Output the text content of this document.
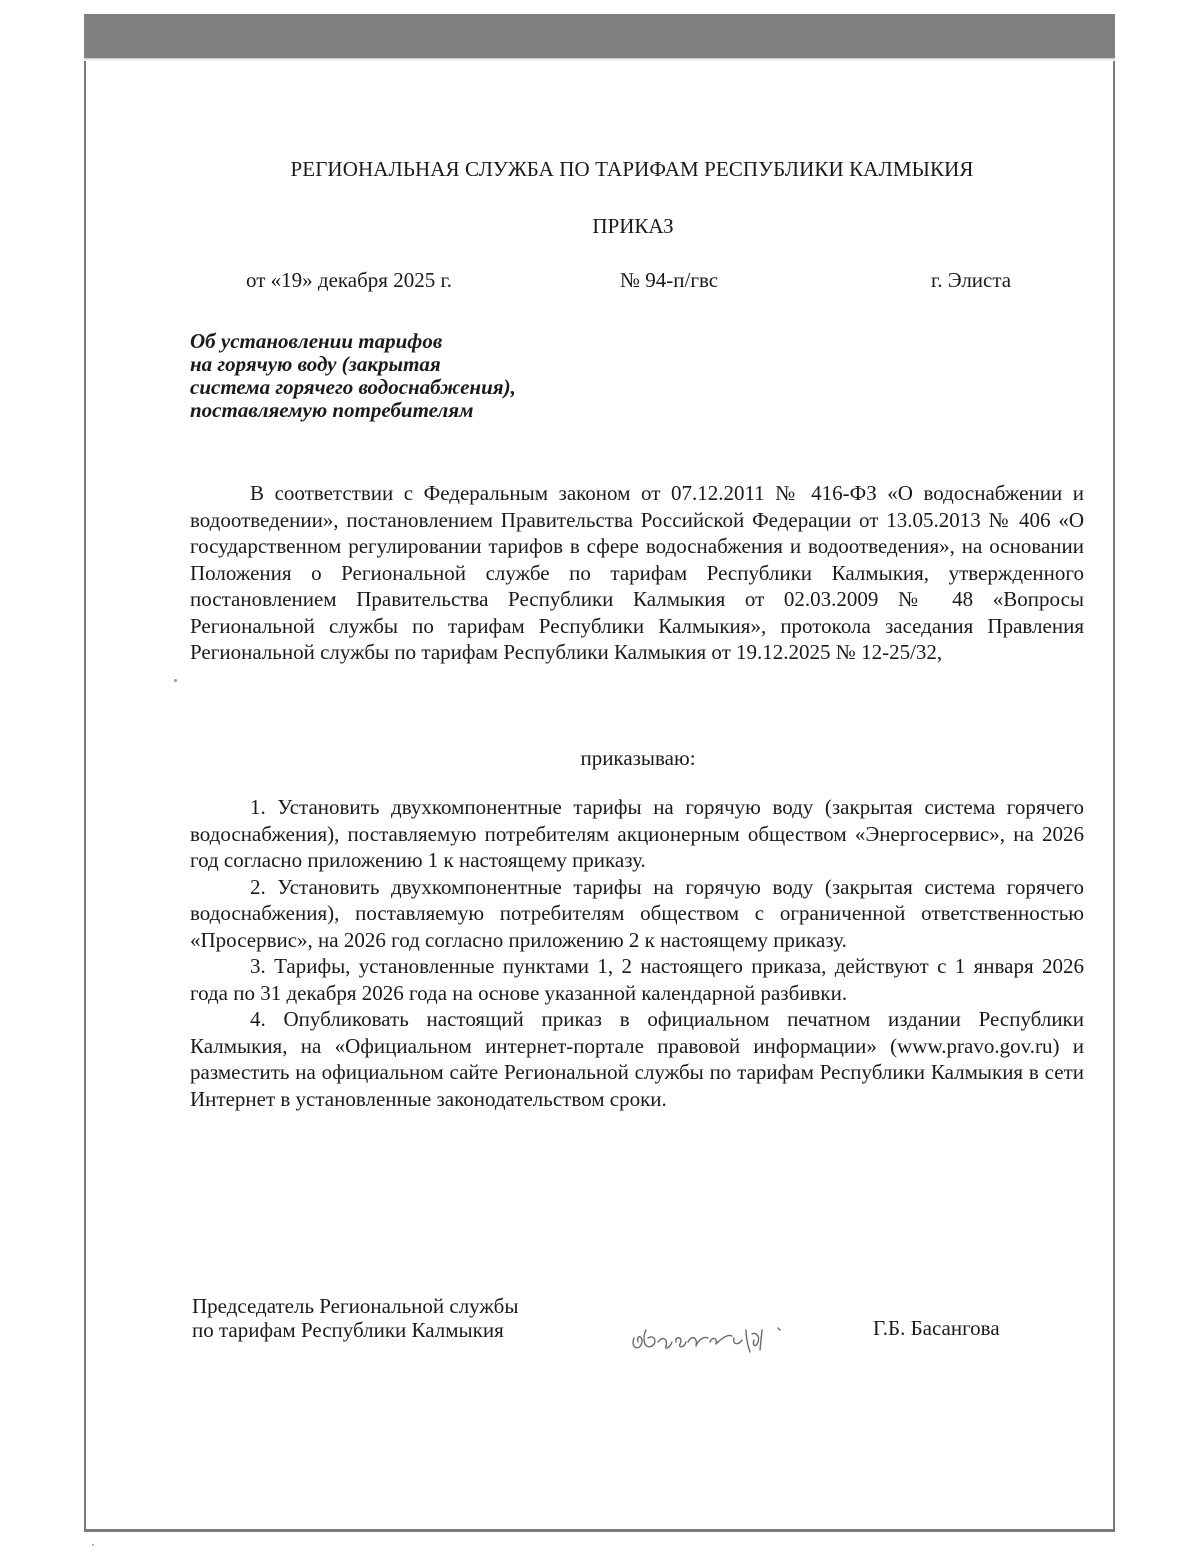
РЕГИОНАЛЬНАЯ СЛУЖБА ПО ТАРИФАМ РЕСПУБЛИКИ КАЛМЫКИЯ
ПРИКАЗ
от «19» декабря 2025 г.	№ 94-п/гвс	г. Элиста
Об установлении тарифов
на горячую воду (закрытая
система горячего водоснабжения),
поставляемую потребителям

В соответствии с Федеральным законом от 07.12.2011 № 416-ФЗ «О водоснабжении и водоотведении», постановлением Правительства Российской Федерации от 13.05.2013 № 406 «О государственном регулировании тарифов в сфере водоснабжения и водоотведения», на основании Положения о Региональной службе по тарифам Республики Калмыкия, утвержденного постановлением Правительства Республики Калмыкия от 02.03.2009 № 48 «Вопросы Региональной службы по тарифам Республики Калмыкия», протокола заседания Правления Региональной службы по тарифам Республики Калмыкия от 19.12.2025 № 12-25/32,

приказываю:

1. Установить двухкомпонентные тарифы на горячую воду (закрытая система горячего водоснабжения), поставляемую потребителям акционерным обществом «Энергосервис», на 2026 год согласно приложению 1 к настоящему приказу.

2. Установить двухкомпонентные тарифы на горячую воду (закрытая система горячего водоснабжения), поставляемую потребителям обществом с ограниченной ответственностью «Просервис», на 2026 год согласно приложению 2 к настоящему приказу.

3. Тарифы, установленные пунктами 1, 2 настоящего приказа, действуют с 1 января 2026 года по 31 декабря 2026 года на основе указанной календарной разбивки.

4. Опубликовать настоящий приказ в официальном печатном издании Республики Калмыкия, на «Официальном интернет-портале правовой информации» (www.pravo.gov.ru) и разместить на официальном сайте Региональной службы по тарифам Республики Калмыкия в сети Интернет в установленные законодательством сроки.

Председатель Региональной службы
по тарифам Республики Калмыкия	Г.Б. Басангова
